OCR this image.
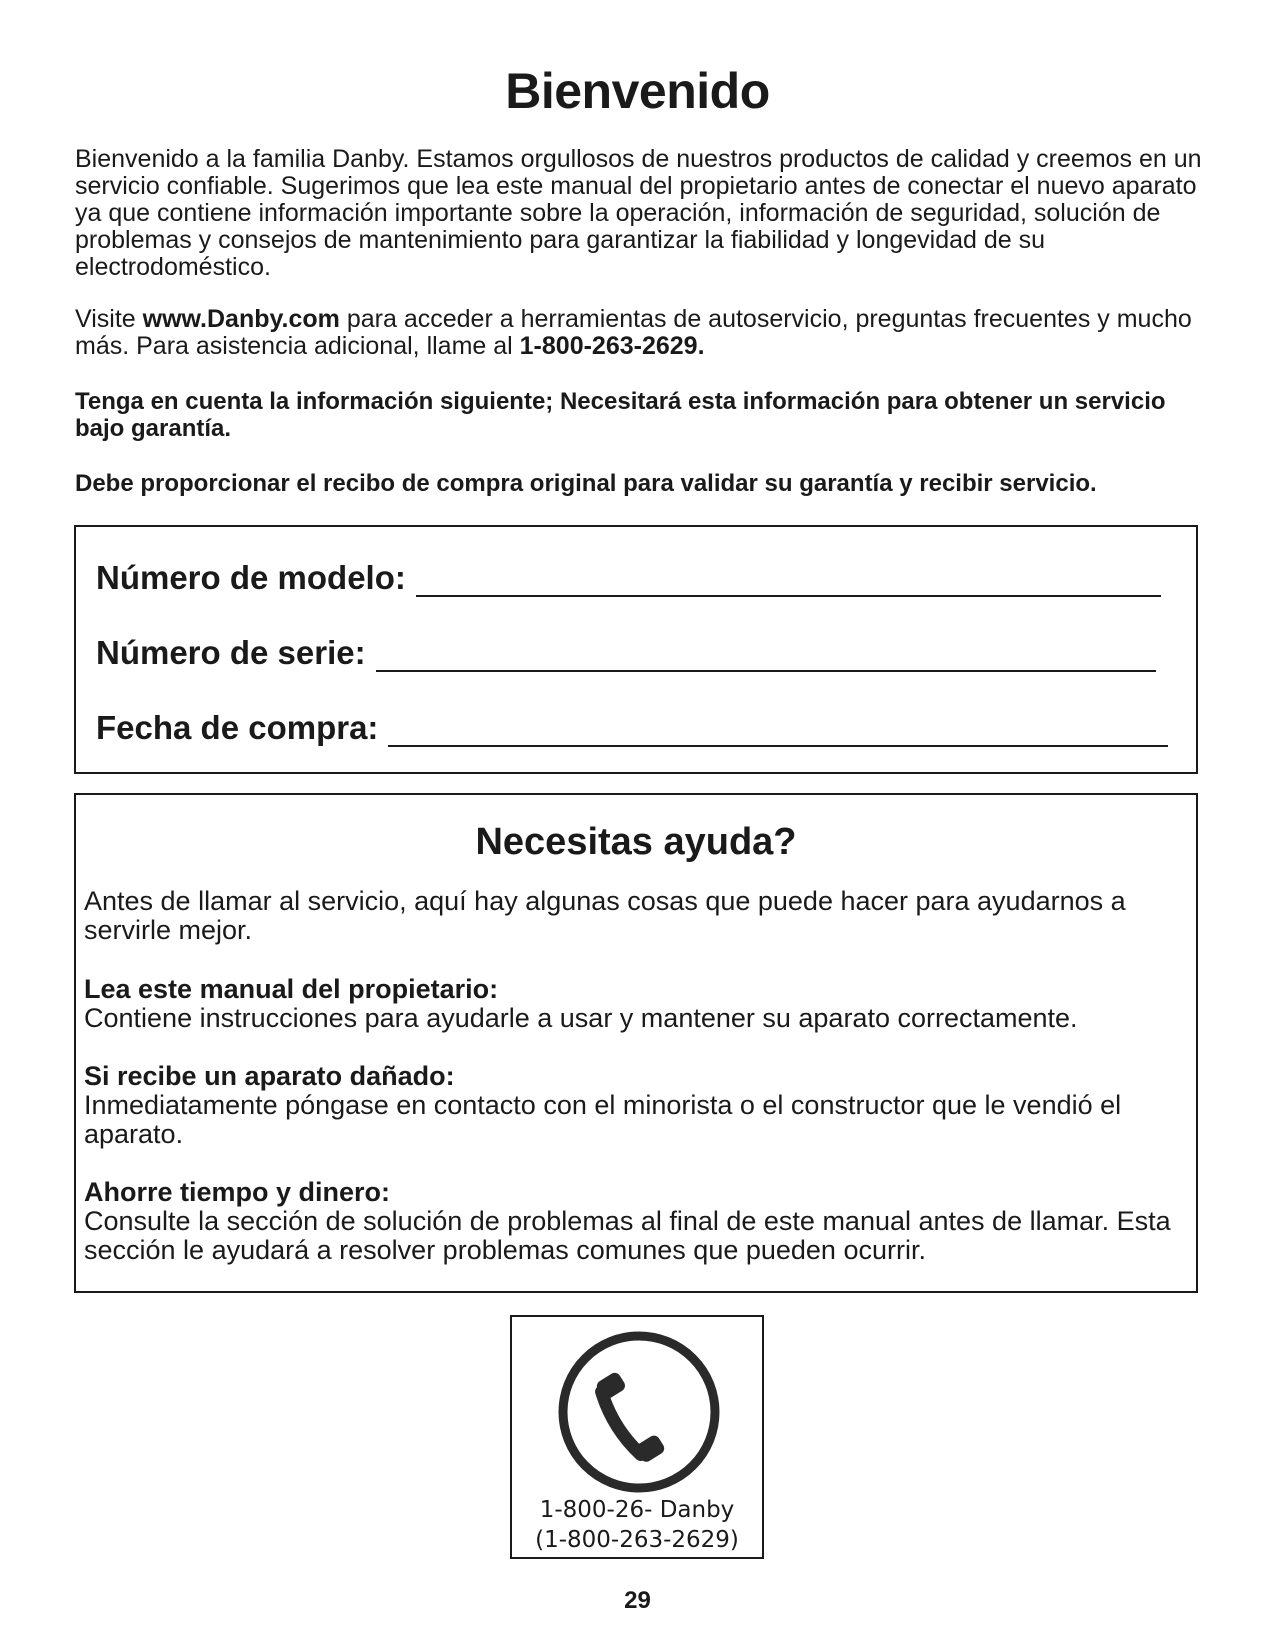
Bienvenido

Bienvenido a la familia Danby. Estamos orgullosos de nuestros productos de calidad y creemos en un servicio confiable. Sugerimos que lea este manual del propietario antes de conectar el nuevo aparato ya que contiene información importante sobre la operación, información de seguridad, solución de problemas y consejos de mantenimiento para garantizar la fiabilidad y longevidad de su electrodoméstico.

Visite www.Danby.com para acceder a herramientas de autoservicio, preguntas frecuentes y mucho más. Para asistencia adicional, llame al 1-800-263-2629.

Tenga en cuenta la información siguiente; Necesitará esta información para obtener un servicio bajo garantía.

Debe proporcionar el recibo de compra original para validar su garantía y recibir servicio.

Número de modelo:
Número de serie:
Fecha de compra:
Necesitas ayuda?

Antes de llamar al servicio, aquí hay algunas cosas que puede hacer para ayudarnos a servirle mejor.

Lea este manual del propietario:
Contiene instrucciones para ayudarle a usar y mantener su aparato correctamente.

Si recibe un aparato dañado:
Inmediatamente póngase en contacto con el minorista o el constructor que le vendió el aparato.

Ahorre tiempo y dinero:
Consulte la sección de solución de problemas al final de este manual antes de llamar. Esta sección le ayudará a resolver problemas comunes que pueden ocurrir.

1-800-26- Danby

(1-800-263-2629)

29
